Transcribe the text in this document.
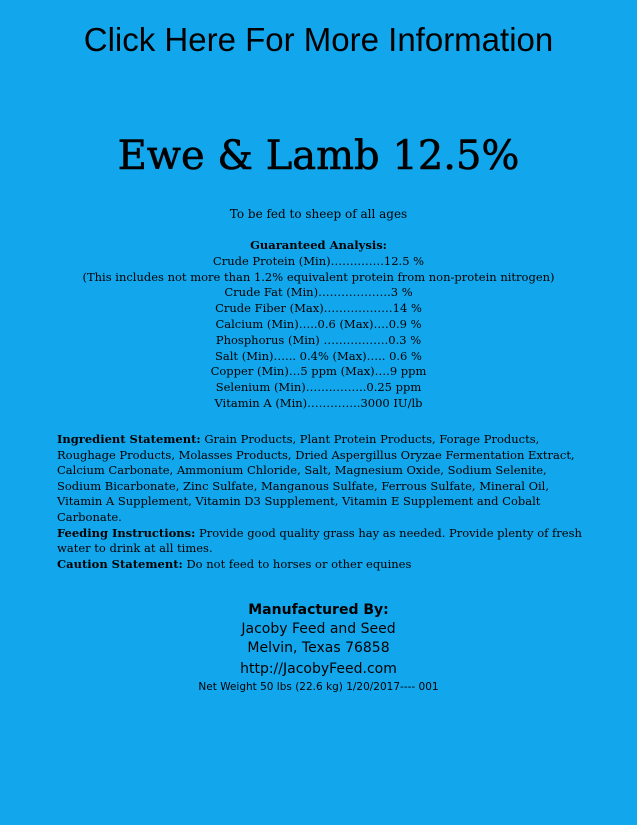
Click Here For More Information
Ewe & Lamb 12.5%
To be fed to sheep of all ages
Guaranteed Analysis:
Crude Protein (Min)…….…….12.5 %
(This includes not more than 1.2% equivalent protein from non-protein nitrogen)
Crude Fat (Min)……………….3 %
Crude Fiber (Max)………………14 %
Calcium (Min)…..0.6 (Max)….0.9 %
Phosphorus (Min) ……….…….0.3 %
Salt (Min)…... 0.4% (Max)….. 0.6 %
Copper (Min)…5 ppm (Max)….9 ppm
Selenium (Min)……..……..0.25 ppm
Vitamin A (Min)…………..3000 IU/lb

Ingredient Statement: Grain Products, Plant Protein Products, Forage Products, Roughage Products, Molasses Products, Dried Aspergillus Oryzae Fermentation Extract, Calcium Carbonate, Ammonium Chloride, Salt, Magnesium Oxide, Sodium Selenite, Sodium Bicarbonate, Zinc Sulfate, Manganous Sulfate, Ferrous Sulfate, Mineral Oil, Vitamin A Supplement, Vitamin D3 Supplement, Vitamin E Supplement and Cobalt Carbonate.

Feeding Instructions: Provide good quality grass hay as needed. Provide plenty of fresh water to drink at all times.

Caution Statement: Do not feed to horses or other equines

Manufactured By:
Jacoby Feed and Seed
Melvin, Texas 76858
http://JacobyFeed.com
Net Weight 50 lbs (22.6 kg) 1/20/2017---- 001
